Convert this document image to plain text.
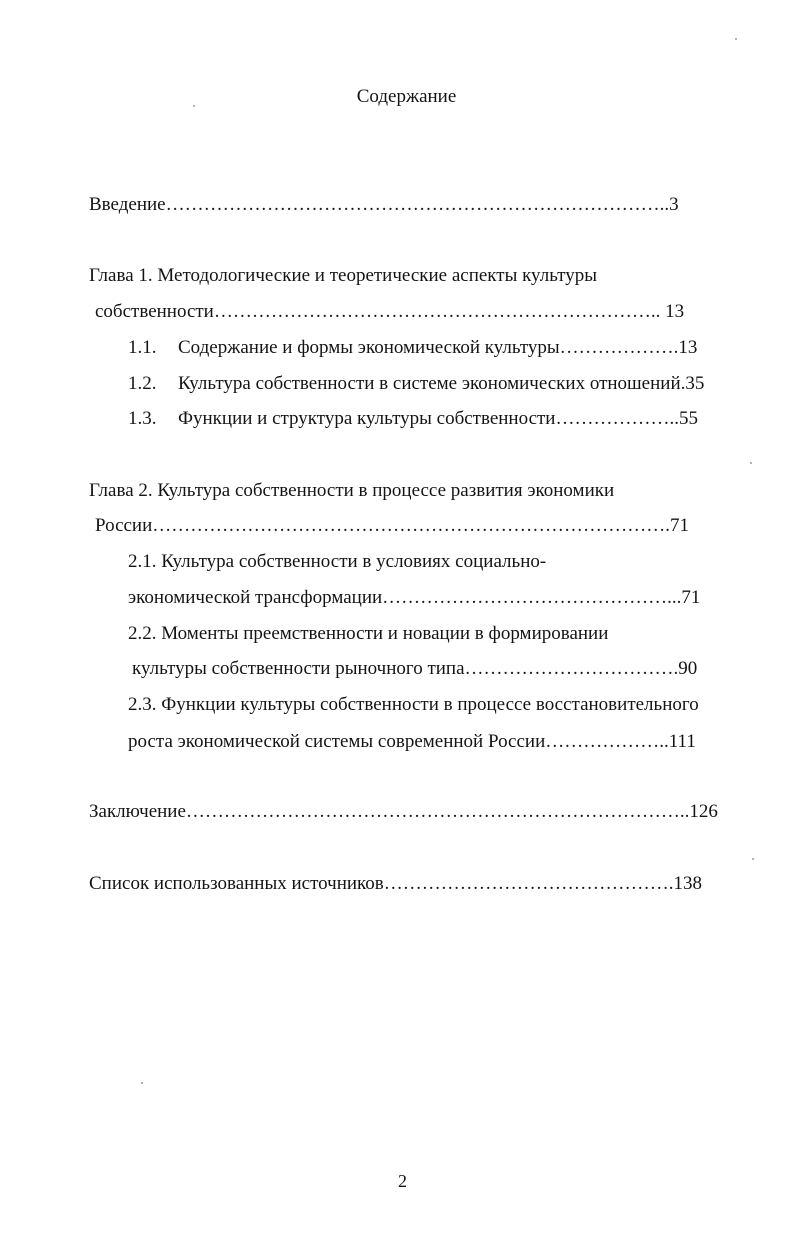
Содержание
Введение……………………………………………………………………..3
Глава 1. Методологические и теоретические аспекты культуры
собственности…………………………………………………………….. 13
1.1. Содержание и формы экономической культуры……………….13
1.2. Культура собственности в системе экономических отношений.35
1.3. Функции и структура культуры собственности………………..55
Глава 2. Культура собственности в процессе развития экономики
России……………………………………………………………………….71
2.1. Культура собственности в условиях социально-
экономической трансформации………………………………………...71
2.2. Моменты преемственности и новации в формировании
культуры собственности рыночного типа…………………………….90
2.3. Функции культуры собственности в процессе восстановительного
роста экономической системы современной России………………..111
Заключение……………………………………………………………………..126
Список использованных источников……………………………………….138
2
